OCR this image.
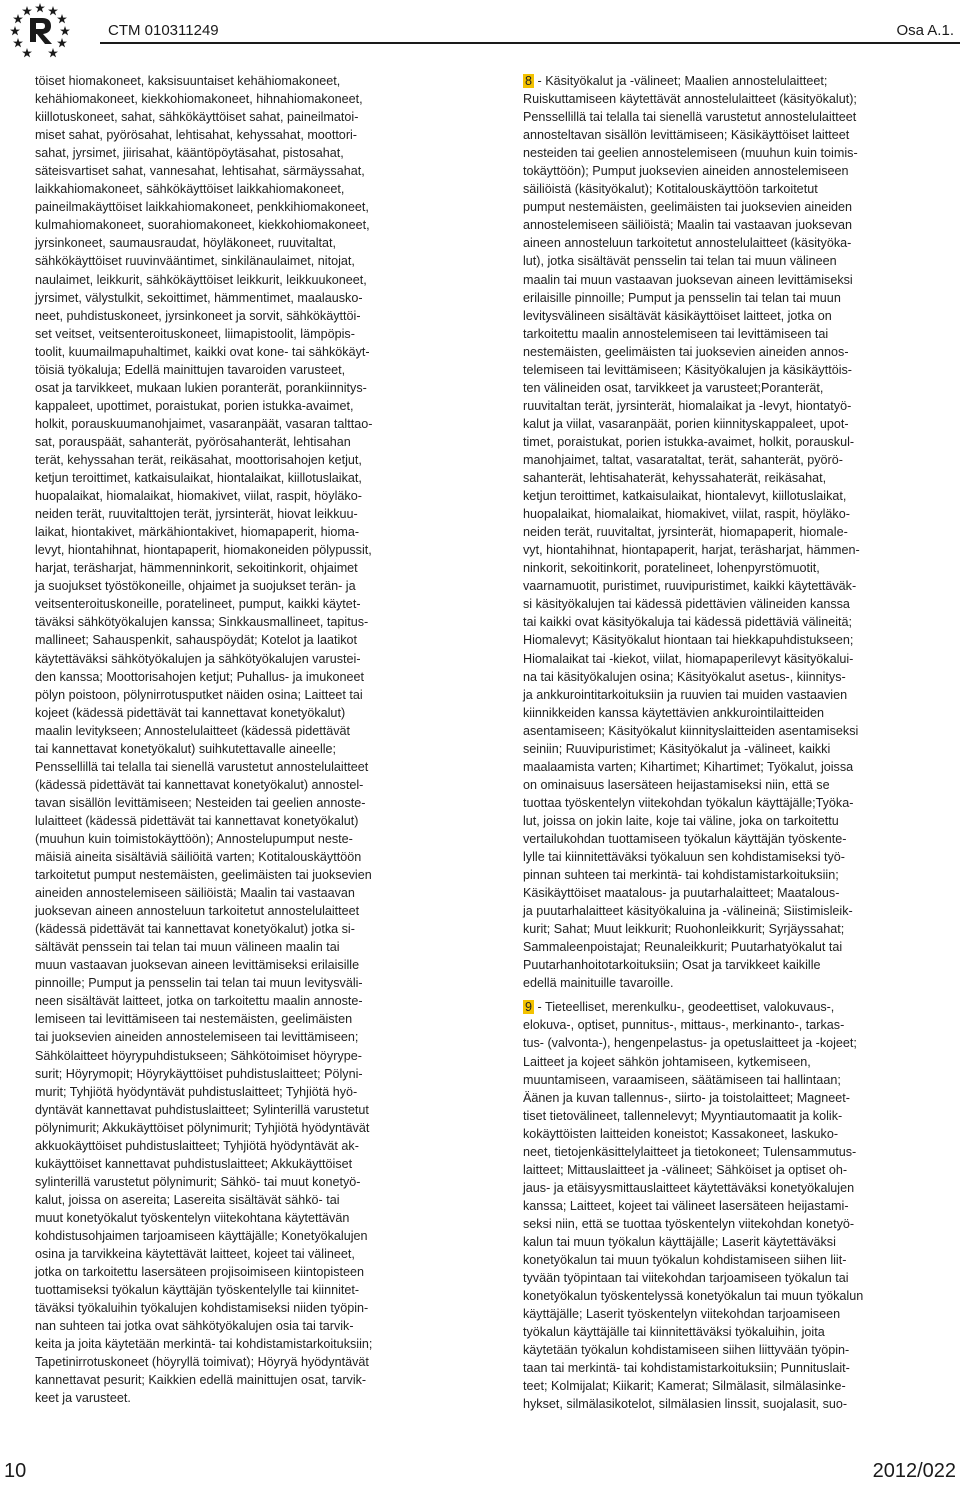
CTM 010311249	Osa A.1.
töiset hiomakoneet, kaksisuuntaiset kehähiomakoneet,
kehähiomakoneet, kiekkohiomakoneet, hihnahiomakoneet,
kiillotuskoneet, sahat, sähkökäyttöiset sahat, paineilmatoi-
miset sahat, pyörösahat, lehtisahat, kehyssahat, moottori-
sahat, jyrsimet, jiirisahat, kääntöpöytäsahat, pistosahat,
säteisvartiset sahat, vannesahat, lehtisahat, särmäyssahat,
laikkahiomakoneet, sähkökäyttöiset laikkahiomakoneet,
paineilmakäyttöiset laikkahiomakoneet, penkkihiomakoneet,
kulmahiomakoneet, suorahiomakoneet, kiekkohiomakoneet,
jyrsinkoneet, saumausraudat, höyläkoneet, ruuvitaltat,
sähkökäyttöiset ruuvinvääntimet, sinkilänaulaimet, nitojat,
naulaimet, leikkurit, sähkökäyttöiset leikkurit, leikkuukoneet,
jyrsimet, välystulkit, sekoittimet, hämmentimet, maalausko-
neet, puhdistuskoneet, jyrsinkoneet ja sorvit, sähkökäyttöi-
set veitset, veitsenteroituskoneet, liimapistoolit, lämpöpis-
toolit, kuumailmapuhaltimet, kaikki ovat kone- tai sähkökäyt-
töisiä työkaluja; Edellä mainittujen tavaroiden varusteet,
osat ja tarvikkeet, mukaan lukien poranterät, porankiinnitys-
kappaleet, upottimet, poraistukat, porien istukka-avaimet,
holkit, porauskuumanohjaimet, vasaranpäät, vasaran talttao-
sat, porauspäät, sahanterät, pyörösahanterät, lehtisahan
terät, kehyssahan terät, reikäsahat, moottorisahojen ketjut,
ketjun teroittimet, katkaisulaikat, hiontalaikat, kiillotuslaikat,
huopalaikat, hiomalaikat, hiomakivet, viilat, raspit, höyläko-
neiden terät, ruuvitalttojen terät, jyrsinterät, hiovat leikkuu-
laikat, hiontakivet, märkähiontakivet, hiomapaperit, hioma-
levyt, hiontahihnat, hiontapaperit, hiomakoneiden pölypussit,
harjat, teräsharjat, hämmenninkorit, sekoitinkorit, ohjaimet
ja suojukset työstökoneille, ohjaimet ja suojukset terän- ja
veitsenteroituskoneille, poratelineet, pumput, kaikki käytet-
täväksi sähkötyökalujen kanssa; Sinkkausmallineet, tapitus-
mallineet; Sahauspenkit, sahauspöydät; Kotelot ja laatikot
käytettäväksi sähkötyökalujen ja sähkötyökalujen varustei-
den kanssa; Moottorisahojen ketjut; Puhallus- ja imukoneet
pölyn poistoon, pölynirrotusputket näiden osina; Laitteet tai
kojeet (kädessä pidettävät tai kannettavat konetyökalut)
maalin levitykseen; Annostelulaitteet (kädessä pidettävät
tai kannettavat konetyökalut) suihkutettavalle aineelle;
Penssellillä tai telalla tai sienellä varustetut annostelulaitteet
(kädessä pidettävät tai kannettavat konetyökalut) annostel-
tavan sisällön levittämiseen; Nesteiden tai geelien annoste-
lulaitteet (kädessä pidettävät tai kannettavat konetyökalut)
(muuhun kuin toimistokäyttöön); Annostelupumput neste-
mäisiä aineita sisältäviä säiliöitä varten; Kotitalouskäyttöön
tarkoitetut pumput nestemäisten, geelimäisten tai juoksevien
aineiden annostelemiseen säiliöistä; Maalin tai vastaavan
juoksevan aineen annosteluun tarkoitetut annostelulaitteet
(kädessä pidettävät tai kannettavat konetyökalut) jotka si-
sältävät penssein tai telan tai muun välineen maalin tai
muun vastaavan juoksevan aineen levittämiseksi erilaisille
pinnoille; Pumput ja pensselin tai telan tai muun levitysväli-
neen sisältävät laitteet, jotka on tarkoitettu maalin annoste-
lemiseen tai levittämiseen tai nestemäisten, geelimäisten
tai juoksevien aineiden annostelemiseen tai levittämiseen;
Sähkölaitteet höyrypuhdistukseen; Sähkötoimiset höyrype-
surit; Höyrymopit; Höyrykäyttöiset puhdistuslaitteet; Pölyni-
murit; Tyhjiötä hyödyntävät puhdistuslaitteet; Tyhjiötä hyö-
dyntävät kannettavat puhdistuslaitteet; Sylinterillä varustetut
pölynimurit; Akkukäyttöiset pölynimurit; Tyhjiötä hyödyntävät
akkuokäyttöiset puhdistuslaitteet; Tyhjiötä hyödyntävät ak-
kukäyttöiset kannettavat puhdistuslaitteet; Akkukäyttöiset
sylinterillä varustetut pölynimurit; Sähkö- tai muut konetyö-
kalut, joissa on asereita; Lasereita sisältävät sähkö- tai
muut konetyökalut työskentelyn viitekohtana käytettävän
kohdistusohjaimen tarjoamiseen käyttäjälle; Konetyökalujen
osina ja tarvikkeina käytettävät laitteet, kojeet tai välineet,
jotka on tarkoitettu lasersäteen projisoimiseen kiintopisteen
tuottamiseksi työkalun käyttäjän työskentelylle tai kiinnitet-
täväksi työkaluihin työkalujen kohdistamiseksi niiden työpin-
nan suhteen tai jotka ovat sähkötyökalujen osia tai tarvik-
keita ja joita käytetään merkintä- tai kohdistamistarkoituksiin;
Tapetinirrotuskoneet (höyryllä toimivat); Höyryä hyödyntävät
kannettavat pesurit; Kaikkien edellä mainittujen osat, tarvik-
keet ja varusteet.
8 - Käsityökalut ja -välineet; Maalien annostelulaitteet;
Ruiskuttamiseen käytettävät annostelulaitteet (käsityökalut);
Penssellillä tai telalla tai sienellä varustetut annostelulaitteet
annosteltavan sisällön levittämiseen; Käsikäyttöiset laitteet
nesteiden tai geelien annostelemiseen (muuhun kuin toimis-
tokäyttöön); Pumput juoksevien aineiden annostelemiseen
säiliöistä (käsityökalut); Kotitalouskäyttöön tarkoitetut
pumput nestemäisten, geelimäisten tai juoksevien aineiden
annostelemiseen säiliöistä; Maalin tai vastaavan juoksevan
aineen annosteluun tarkoitetut annostelulaitteet (käsityöka-
lut), jotka sisältävät pensselin tai telan tai muun välineen
maalin tai muun vastaavan juoksevan aineen levittämiseksi
erilaisille pinnoille; Pumput ja pensselin tai telan tai muun
levitysvälineen sisältävät käsikäyttöiset laitteet, jotka on
tarkoitettu maalin annostelemiseen tai levittämiseen tai
nestemäisten, geelimäisten tai juoksevien aineiden annos-
telemiseen tai levittämiseen; Käsityökalujen ja käsikäyttöis-
ten välineiden osat, tarvikkeet ja varusteet;Poranterät,
ruuvitaltan terät, jyrsinterät, hiomalaikat ja -levyt, hiontatyö-
kalut ja viilat, vasaranpäät, porien kiinnityskappaleet, upot-
timet, poraistukat, porien istukka-avaimet, holkit, porauskul-
manohjaimet, taltat, vasarataltat, terät, sahanterät, pyörö-
sahanterät, lehtisahaterät, kehyssahaterät, reikäsahat,
ketjun teroittimet, katkaisulaikat, hiontalevyt, kiillotuslaikat,
huopalaikat, hiomalaikat, hiomakivet, viilat, raspit, höyläko-
neiden terät, ruuvitaltat, jyrsinterät, hiomapaperit, hiomale-
vyt, hiontahihnat, hiontapaperit, harjat, teräsharjat, hämmen-
ninkorit, sekoitinkorit, poratelineet, lohenpyrstömuotit,
vaarnamuotit, puristimet, ruuvipuristimet, kaikki käytettäväk-
si käsityökalujen tai kädessä pidettävien välineiden kanssa
tai kaikki ovat käsityökaluja tai kädessä pidettäviä välineitä;
Hiomalevyt; Käsityökalut hiontaan tai hiekkapuhdistukseen;
Hiomalaikat tai -kiekot, viilat, hiomapaperilevyt käsityökalui-
na tai käsityökalujen osina; Käsityökalut asetus-, kiinnitys-
ja ankkurointitarkoituksiin ja ruuvien tai muiden vastaavien
kiinnikkeiden kanssa käytettävien ankkurointilaitteiden
asentamiseen; Käsityökalut kiinnityslaitteiden asentamiseksi
seiniin; Ruuvipuristimet; Käsityökalut ja -välineet, kaikki
maalaamista varten; Kihartimet; Kihartimet; Työkalut, joissa
on ominaisuus lasersäteen heijastamiseksi niin, että se
tuottaa työskentelyn viitekohdan työkalun käyttäjälle;Työka-
lut, joissa on jokin laite, koje tai väline, joka on tarkoitettu
vertailukohdan tuottamiseen työkalun käyttäjän työskente-
lylle tai kiinnitettäväksi työkaluun sen kohdistamiseksi työ-
pinnan suhteen tai merkintä- tai kohdistamistarkoituksiin;
Käsikäyttöiset maatalous- ja puutarhalaitteet; Maatalous-
ja puutarhalaitteet käsityökaluina ja -välineinä; Siistimisleik-
kurit; Sahat; Muut leikkurit; Ruohonleikkurit; Syrjäyssahat;
Sammaleenpoistajat; Reunaleikkurit; Puutarhatyökalut tai
Puutarhanhoitotarkoituksiin; Osat ja tarvikkeet kaikille
edellä mainituille tavaroille.

9 - Tieteelliset, merenkulku-, geodeettiset, valokuvaus-,
elokuva-, optiset, punnitus-, mittaus-, merkinanto-, tarkas-
tus- (valvonta-), hengenpelastus- ja opetuslaitteet ja -kojeet;
Laitteet ja kojeet sähkön johtamiseen, kytkemiseen,
muuntamiseen, varaamiseen, säätämiseen tai hallintaan;
Äänen ja kuvan tallennus-, siirto- ja toistolaitteet; Magneet-
tiset tietovälineet, tallennelevyt; Myyntiautomaatit ja kolik-
kokäyttöisten laitteiden koneistot; Kassakoneet, laskuko-
neet, tietojenkäsittelylaitteet ja tietokoneet; Tulensammutus-
laitteet; Mittauslaitteet ja -välineet; Sähköiset ja optiset oh-
jaus- ja etäisyysmittauslaitteet käytettäväksi konetyökalujen
kanssa; Laitteet, kojeet tai välineet lasersäteen heijastami-
seksi niin, että se tuottaa työskentelyn viitekohdan konetyö-
kalun tai muun työkalun käyttäjälle; Laserit käytettäväksi
konetyökalun tai muun työkalun kohdistamiseen siihen liit-
tyvään työpintaan tai viitekohdan tarjoamiseen työkalun tai
konetyökalun työskentelyssä konetyökalun tai muun työkalun
käyttäjälle; Laserit työskentelyn viitekohdan tarjoamiseen
työkalun käyttäjälle tai kiinnitettäväksi työkaluihin, joita
käytetään työkalun kohdistamiseen siihen liittyvään työpin-
taan tai merkintä- tai kohdistamistarkoituksiin; Punnituslait-
teet; Kolmijalat; Kiikarit; Kamerat; Silmälasit, silmälasinke-
hykset, silmälasikotelot, silmälasien linssit, suojalasit, suo-
10	2012/022
